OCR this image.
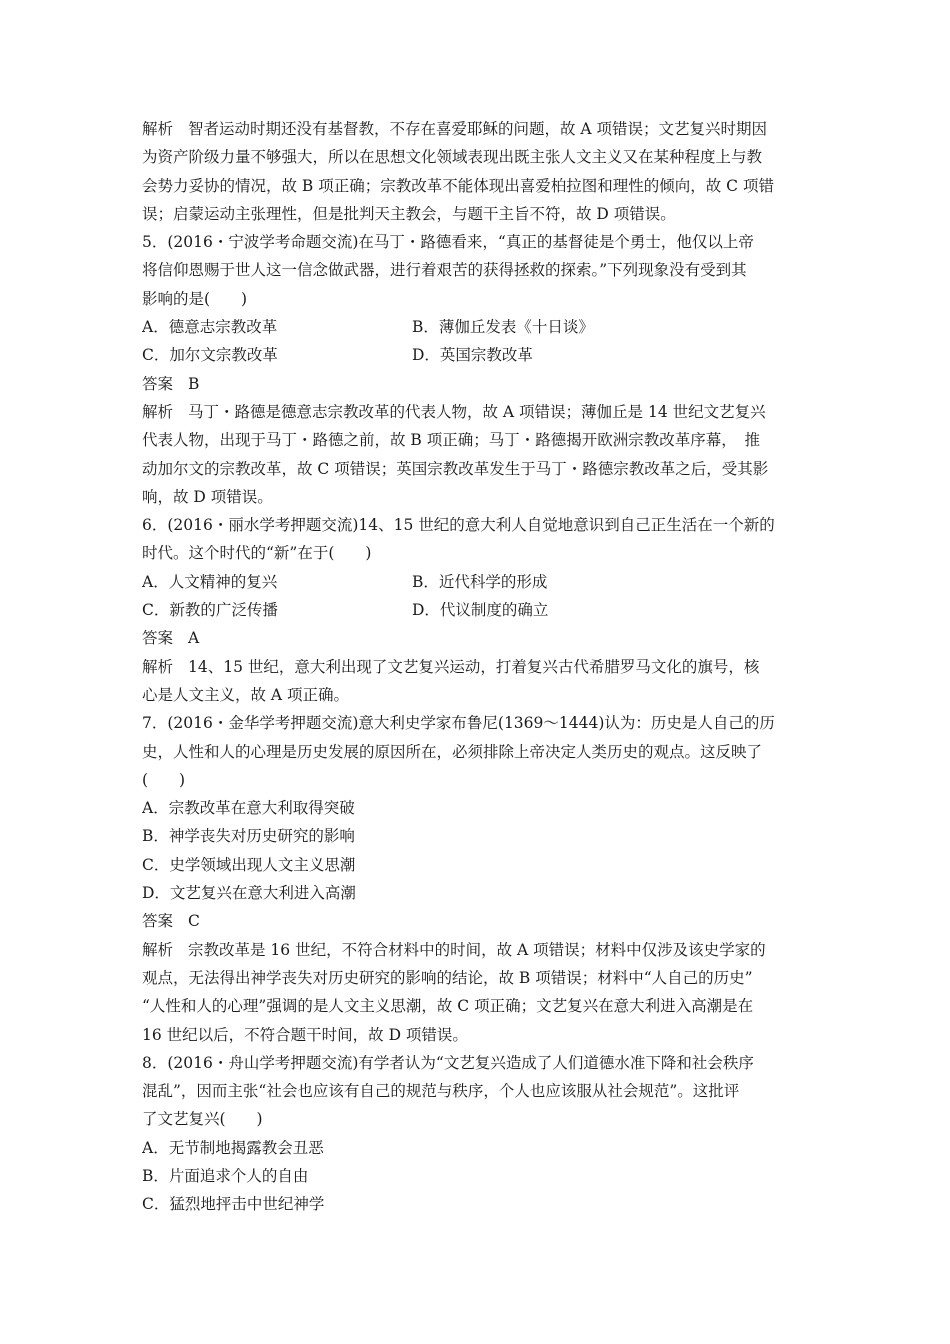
解析 智者运动时期还没有基督教，不存在喜爱耶稣的问题，故 A 项错误；文艺复兴时期因
为资产阶级力量不够强大，所以在思想文化领域表现出既主张人文主义又在某种程度上与教
会势力妥协的情况，故 B 项正确；宗教改革不能体现出喜爱柏拉图和理性的倾向，故 C 项错
误；启蒙运动主张理性，但是批判天主教会，与题干主旨不符，故 D 项错误。
5．(2016・宁波学考命题交流)在马丁・路德看来，“真正的基督徒是个勇士，他仅以上帝
将信仰恩赐于世人这一信念做武器，进行着艰苦的获得拯救的探索。”下列现象没有受到其
影响的是(　　)
A．德意志宗教改革	B．薄伽丘发表《十日谈》
C．加尔文宗教改革	D．英国宗教改革
答案 B
解析 马丁・路德是德意志宗教改革的代表人物，故 A 项错误；薄伽丘是 14 世纪文艺复兴
代表人物，出现于马丁・路德之前，故 B 项正确；马丁・路德揭开欧洲宗教改革序幕，　推
动加尔文的宗教改革，故 C 项错误；英国宗教改革发生于马丁・路德宗教改革之后，受其影
响，故 D 项错误。
6．(2016・丽水学考押题交流)14、15 世纪的意大利人自觉地意识到自己正生活在一个新的
时代。这个时代的“新”在于(　　)
A．人文精神的复兴	B．近代科学的形成
C．新教的广泛传播	D．代议制度的确立
答案 A
解析 14、15 世纪，意大利出现了文艺复兴运动，打着复兴古代希腊罗马文化的旗号，核
心是人文主义，故 A 项正确。
7．(2016・金华学考押题交流)意大利史学家布鲁尼(1369～1444)认为：历史是人自己的历
史，人性和人的心理是历史发展的原因所在，必须排除上帝决定人类历史的观点。这反映了
(　　)
A．宗教改革在意大利取得突破
B．神学丧失对历史研究的影响
C．史学领域出现人文主义思潮
D．文艺复兴在意大利进入高潮
答案 C
解析 宗教改革是 16 世纪，不符合材料中的时间，故 A 项错误；材料中仅涉及该史学家的
观点，无法得出神学丧失对历史研究的影响的结论，故 B 项错误；材料中“人自己的历史”
“人性和人的心理”强调的是人文主义思潮，故 C 项正确；文艺复兴在意大利进入高潮是在
16 世纪以后，不符合题干时间，故 D 项错误。
8．(2016・舟山学考押题交流)有学者认为“文艺复兴造成了人们道德水准下降和社会秩序
混乱”，因而主张“社会也应该有自己的规范与秩序，个人也应该服从社会规范”。这批评
了文艺复兴(　　)
A．无节制地揭露教会丑恶
B．片面追求个人的自由
C．猛烈地抨击中世纪神学
